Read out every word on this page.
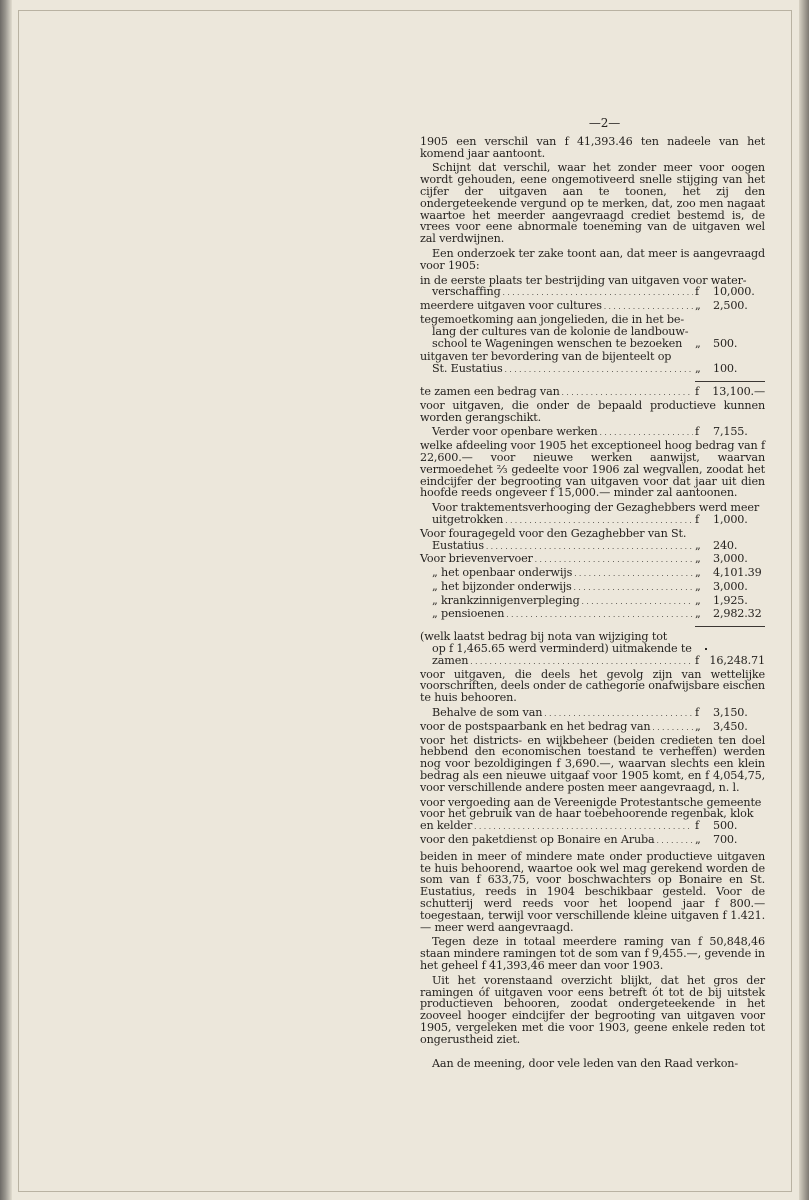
—2—
1905 een verschil van f 41,393.46 ten nadeele van het komend jaar aantoont.
Schijnt dat verschil, waar het zonder meer voor oogen wordt gehouden, eene ongemotiveerd snelle stijging van het cijfer der uitgaven aan te toonen, het zij den ondergeteekende vergund op te merken, dat, zoo men nagaat waartoe het meerder aangevraagd crediet bestemd is, de vrees voor eene abnormale toeneming van de uitgaven wel zal verdwijnen.
Een onderzoek ter zake toont aan, dat meer is aangevraagd voor 1905:
in de eerste plaats ter bestrijding van uitgaven voor water-
verschaffing . . .	f	10,000.
meerdere uitgaven voor cultures . . .	„	2,500.
tegemoetkoming aan jongelieden, die in het be-
lang der cultures van de kolonie de landbouw-
school te Wageningen wenschen te bezoeken „	500.
uitgaven ter bevordering van de bijenteelt op
St. Eustatius . . .	„	100.
te zamen een bedrag van . . .	f	13,100.—
voor uitgaven, die onder de bepaald productieve kunnen worden gerangschikt.
Verder voor openbare werken . . .	f	7,155.
welke afdeeling voor 1905 het exceptioneel hoog bedrag van f 22,600.— voor nieuwe werken aanwijst, waarvan vermoedehet ⅔ gedeelte voor 1906 zal wegvallen, zoodat het eindcijfer der begrooting van uitgaven voor dat jaar uit dien hoofde reeds ongeveer f 15,000.— minder zal aantoonen.
Voor traktementsverhooging der Gezaghebbers werd meer
uitgetrokken . . .	f	1,000.
Voor fouragegeld voor den Gezaghebber van St.
Eustatius . . .	„	240.
Voor brievenvervoer . . .	„	3,000.
„ het openbaar onderwijs . . .	„	4,101.39
„ het bijzonder onderwijs . . .	„	3,000.
„ krankzinnigenverpleging . . .	„	1,925.
„ pensioenen . . .	„	2,982.32
(welk laatst bedrag bij nota van wijziging tot
op f 1,465.65 werd verminderd) uitmakende te
zamen . . .	f 16,248.71
voor uitgaven, die deels het gevolg zijn van wettelijke voorschriften, deels onder de cathegorie onafwijsbare eischen te huis behooren.
Behalve de som van . . .	f	3,150.
voor de postspaarbank en het bedrag van . . .	„	3,450.
voor het districts- en wijkbeheer (beiden credieten ten doel hebbend den economischen toestand te verheffen) werden nog voor bezoldigingen f 3,690.—, waarvan slechts een klein bedrag als een nieuwe uitgaaf voor 1905 komt, en f 4,054,75, voor verschillende andere posten meer aangevraagd, n. l.
voor vergoeding aan de Vereenigde Protestantsche gemeente
voor het gebruik van de haar toebehoorende regenbak, klok
en kelder . . .	f	500.
voor den paketdienst op Bonaire en Aruba . . .	„	700.
beiden in meer of mindere mate onder productieve uitgaven te huis behoorend, waartoe ook wel mag gerekend worden de som van f 633,75, voor boschwachters op Bonaire en St. Eustatius, reeds in 1904 beschikbaar gesteld. Voor de schutterij werd reeds voor het loopend jaar f 800.— toegestaan, terwijl voor verschillende kleine uitgaven f 1.421.— meer werd aangevraagd.
Tegen deze in totaal meerdere raming van f 50,848,46 staan mindere ramingen tot de som van f 9,455.—, gevende in het geheel f 41,393,46 meer dan voor 1903.
Uit het vorenstaand overzicht blijkt, dat het gros der ramingen óf uitgaven voor eens betreft ót tot de bij uitstek productieven behooren, zoodat ondergeteekende in het zooveel hooger eindcijfer der begrooting van uitgaven voor 1905, vergeleken met die voor 1903, geene enkele reden tot ongerustheid ziet.
Aan de meening, door vele leden van den Raad verkon-
